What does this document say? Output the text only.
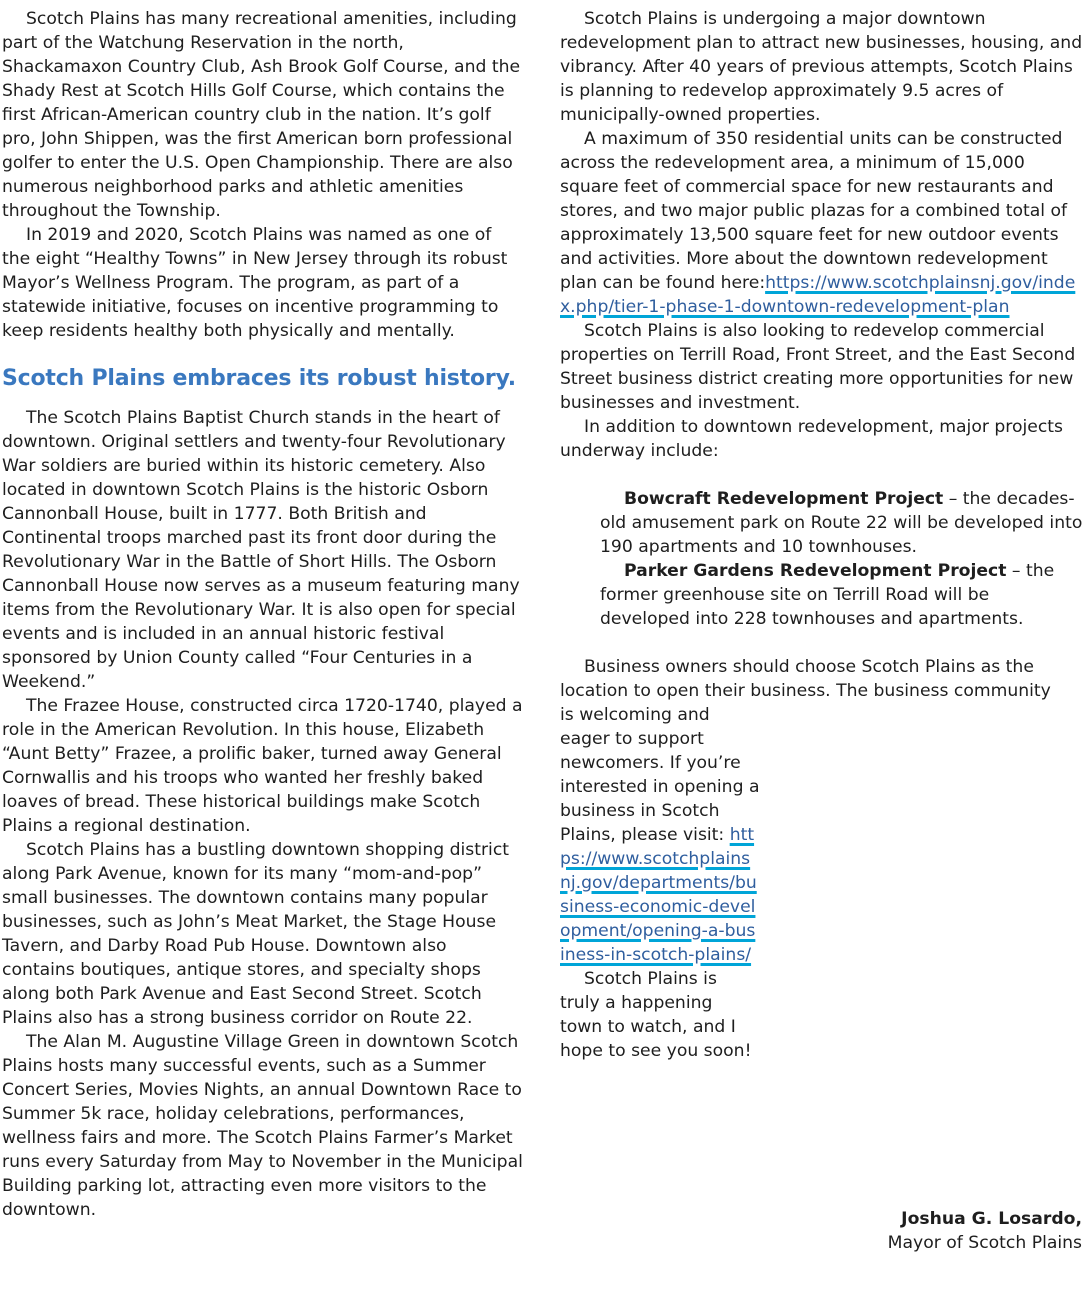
Scotch Plains has many recreational amenities, including part of the Watchung Reservation in the north, Shackamaxon Country Club, Ash Brook Golf Course, and the Shady Rest at Scotch Hills Golf Course, which contains the first African-American country club in the nation. It’s golf pro, John Shippen, was the first American born professional golfer to enter the U.S. Open Championship. There are also numerous neighborhood parks and athletic amenities throughout the Township.

In 2019 and 2020, Scotch Plains was named as one of the eight “Healthy Towns” in New Jersey through its robust Mayor’s Wellness Program. The program, as part of a statewide initiative, focuses on incentive programming to keep residents healthy both physically and mentally.

Scotch Plains embraces its robust history.

The Scotch Plains Baptist Church stands in the heart of downtown. Original settlers and twenty-four Revolutionary War soldiers are buried within its historic cemetery. Also located in downtown Scotch Plains is the historic Osborn Cannonball House, built in 1777. Both British and Continental troops marched past its front door during the Revolutionary War in the Battle of Short Hills. The Osborn Cannonball House now serves as a museum featuring many items from the Revolutionary War. It is also open for special events and is included in an annual historic festival sponsored by Union County called “Four Centuries in a Weekend.”

The Frazee House, constructed circa 1720-1740, played a role in the American Revolution. In this house, Elizabeth “Aunt Betty” Frazee, a prolific baker, turned away General Cornwallis and his troops who wanted her freshly baked loaves of bread. These historical buildings make Scotch Plains a regional destination.

Scotch Plains has a bustling downtown shopping district along Park Avenue, known for its many “mom-and-pop” small businesses. The downtown contains many popular businesses, such as John’s Meat Market, the Stage House Tavern, and Darby Road Pub House. Downtown also contains boutiques, antique stores, and specialty shops along both Park Avenue and East Second Street. Scotch Plains also has a strong business corridor on Route 22.

The Alan M. Augustine Village Green in downtown Scotch Plains hosts many successful events, such as a Summer Concert Series, Movies Nights, an annual Downtown Race to Summer 5k race, holiday celebrations, performances, wellness fairs and more. The Scotch Plains Farmer’s Market runs every Saturday from May to November in the Municipal Building parking lot, attracting even more visitors to the downtown.

Scotch Plains is undergoing a major downtown redevelopment plan to attract new businesses, housing, and vibrancy. After 40 years of previous attempts, Scotch Plains is planning to redevelop approximately 9.5 acres of municipally-owned properties.

A maximum of 350 residential units can be constructed across the redevelopment area, a minimum of 15,000 square feet of commercial space for new restaurants and stores, and two major public plazas for a combined total of approximately 13,500 square feet for new outdoor events and activities. More about the downtown redevelopment plan can be found here:https://www.scotchplainsnj.gov/index.php/tier-1-phase-1-downtown-redevelopment-plan

Scotch Plains is also looking to redevelop commercial properties on Terrill Road, Front Street, and the East Second Street business district creating more opportunities for new businesses and investment.

In addition to downtown redevelopment, major projects underway include:

Bowcraft Redevelopment Project – the decades-old amusement park on Route 22 will be developed into 190 apartments and 10 townhouses.

Parker Gardens Redevelopment Project – the former greenhouse site on Terrill Road will be developed into 228 townhouses and apartments.

Business owners should choose Scotch Plains as the location to open their business. The business community

is welcoming and eager to support newcomers. If you’re interested in opening a business in Scotch Plains, please visit: https://www.scotchplainsnj.gov/departments/business-economic-development/opening-a-business-in-scotch-plains/

Scotch Plains is truly a happening town to watch, and I hope to see you soon!

Joshua G. Losardo,
Mayor of Scotch Plains
